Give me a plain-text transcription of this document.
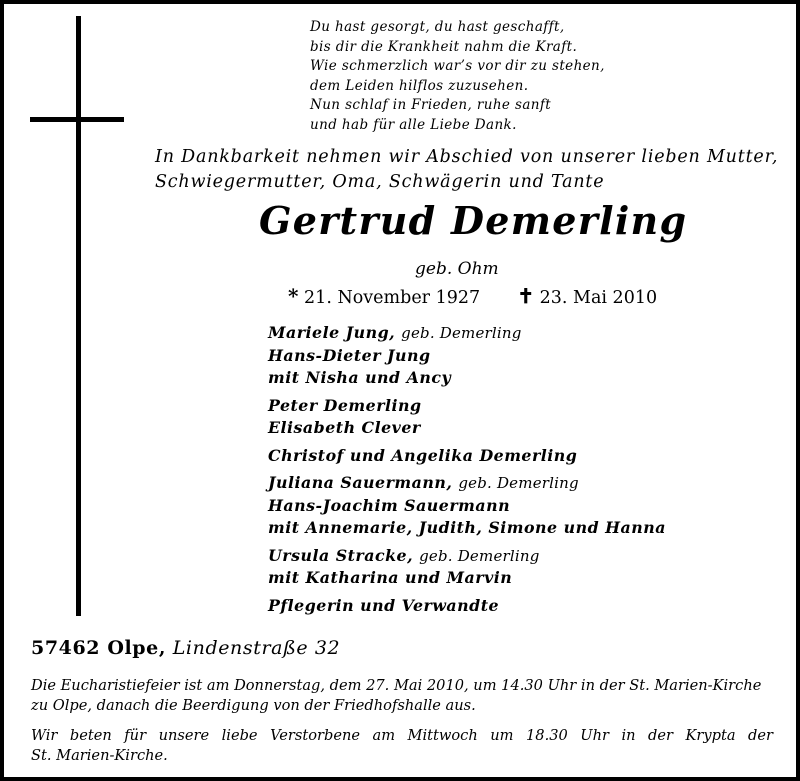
Du hast gesorgt, du hast geschafft,
bis dir die Krankheit nahm die Kraft.
Wie schmerzlich war’s vor dir zu stehen,
dem Leiden hilflos zuzusehen.
Nun schlaf in Frieden, ruhe sanft
und hab für alle Liebe Dank.
In Dankbarkeit nehmen wir Abschied von unserer lieben Mutter,
Schwiegermutter, Oma, Schwägerin und Tante
Gertrud Demerling
geb. Ohm
* 21. November 1927 ✝ 23. Mai 2010
Mariele Jung, geb. Demerling
Hans-Dieter Jung
mit Nisha und Ancy
Peter Demerling
Elisabeth Clever
Christof und Angelika Demerling
Juliana Sauermann, geb. Demerling
Hans-Joachim Sauermann
mit Annemarie, Judith, Simone und Hanna
Ursula Stracke, geb. Demerling
mit Katharina und Marvin
Pflegerin und Verwandte
57462 Olpe, Lindenstraße 32
Die Eucharistiefeier ist am Donnerstag, dem 27. Mai 2010, um 14.30 Uhr in der St. Marien-Kirche zu Olpe, danach die Beerdigung von der Friedhofshalle aus.
Wir beten für unsere liebe Verstorbene am Mittwoch um 18.30 Uhr in der Krypta der
St. Marien-Kirche.
